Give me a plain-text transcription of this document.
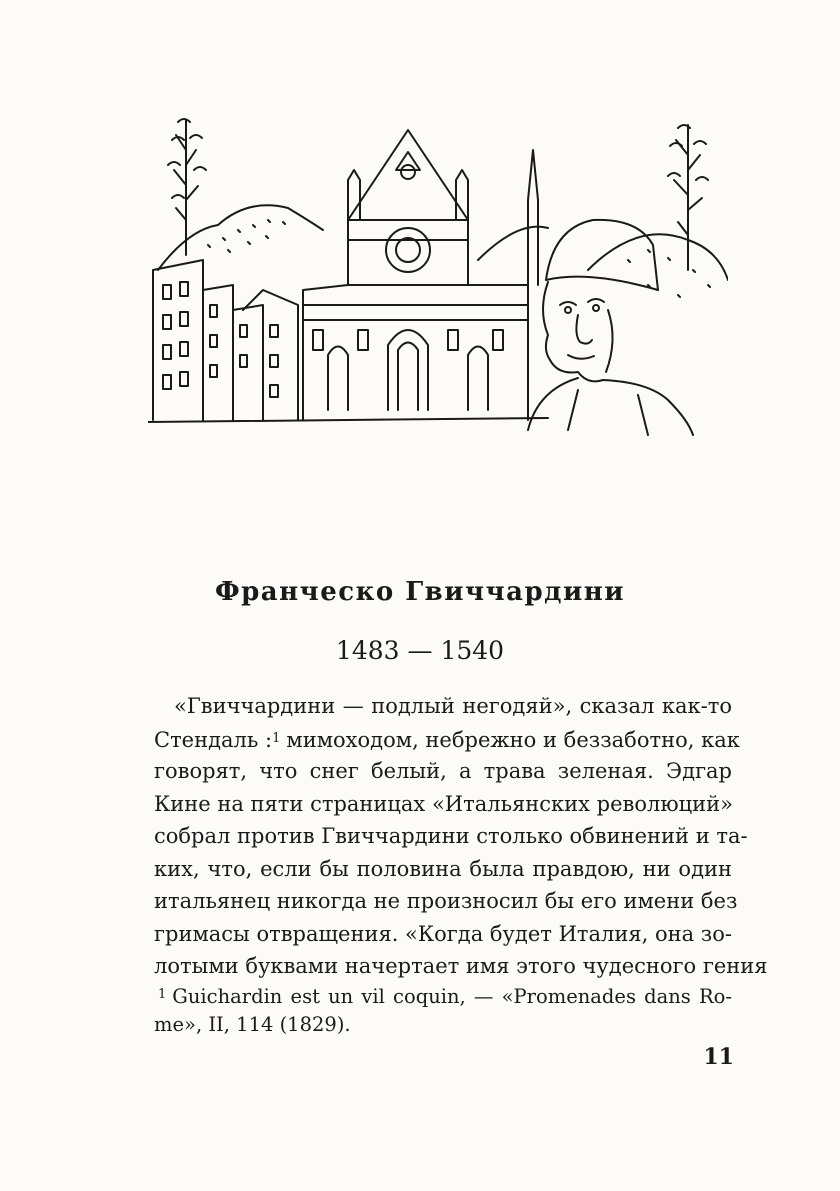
Франческо Гвиччардини
1483 — 1540
«Гвиччардини — подлый негодяй», сказал как-то
Стендаль :$^1$ мимоходом, небрежно и беззаботно, как
говорят, что снег белый, а трава зеленая. Эдгар
Кине на пяти страницах «Итальянских революций»
собрал против Гвиччардини столько обвинений и та-
ких, что, если бы половина была правдою, ни один
итальянец никогда не произносил бы его имени без
гримасы отвращения. «Когда будет Италия, она зо-
лотыми буквами начертает имя этого чудесного гения
$^1$ Guichardin est un vil coquin, — «Promenades dans Ro-
me», II, 114 (1829).
11
